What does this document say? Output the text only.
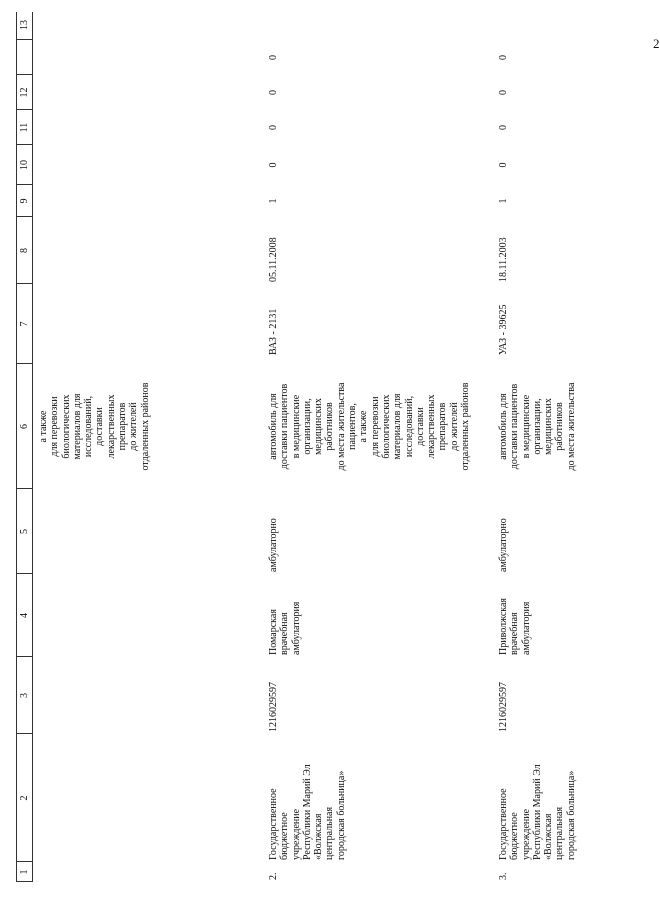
2
1
2
3
4
5
6
7
8
9
10
11
12
13
а также
для перевозки
биологических
материалов для
исследований,
доставки
лекарственных
препаратов
до жителей
отдаленных районов
2.
Государственное
бюджетное
учреждение
Республики Марий Эл
«Волжская
центральная
городская больница»
1216029597
Помарская
врачебная
амбулатория
амбулаторно
автомобиль для
доставки пациентов
в медицинские
организации,
медицинских
работников
до места жительства
пациентов,
а также
для перевозки
биологических
материалов для
исследований,
доставки
лекарственных
препаратов
до жителей
отдаленных районов
ВАЗ - 2131
05.11.2008
1
0
0
0
0
3.
Государственное
бюджетное
учреждение
Республики Марий Эл
«Волжская
центральная
городская больница»
1216029597
Приволжская
врачебная
амбулатория
амбулаторно
автомобиль для
доставки пациентов
в медицинские
организации,
медицинских
работников
до места жительства
УАЗ - 39625
18.11.2003
1
0
0
0
0
